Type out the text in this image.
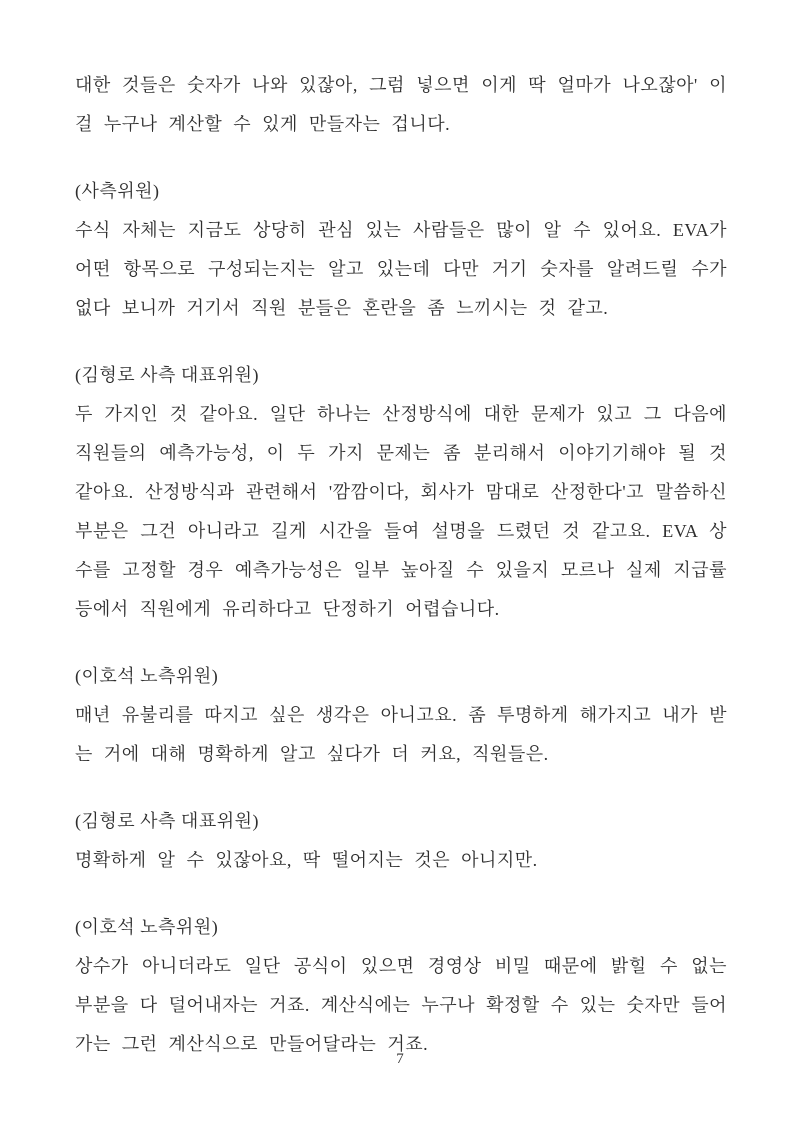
대한 것들은 숫자가 나와 있잖아, 그럼 넣으면 이게 딱 얼마가 나오잖아' 이걸 누구나 계산할 수 있게 만들자는 겁니다.

(사측위원)

수식 자체는 지금도 상당히 관심 있는 사람들은 많이 알 수 있어요. EVA가 어떤 항목으로 구성되는지는 알고 있는데 다만 거기 숫자를 알려드릴 수가 없다 보니까 거기서 직원 분들은 혼란을 좀 느끼시는 것 같고.

(김형로 사측 대표위원)

두 가지인 것 같아요. 일단 하나는 산정방식에 대한 문제가 있고 그 다음에 직원들의 예측가능성, 이 두 가지 문제는 좀 분리해서 이야기기해야 될 것 같아요. 산정방식과 관련해서 '깜깜이다, 회사가 맘대로 산정한다'고 말씀하신 부분은 그건 아니라고 길게 시간을 들여 설명을 드렸던 것 같고요. EVA 상수를 고정할 경우 예측가능성은 일부 높아질 수 있을지 모르나 실제 지급률 등에서 직원에게 유리하다고 단정하기 어렵습니다.

(이호석 노측위원)

매년 유불리를 따지고 싶은 생각은 아니고요. 좀 투명하게 해가지고 내가 받는 거에 대해 명확하게 알고 싶다가 더 커요, 직원들은.

(김형로 사측 대표위원)

명확하게 알 수 있잖아요, 딱 떨어지는 것은 아니지만.

(이호석 노측위원)

상수가 아니더라도 일단 공식이 있으면 경영상 비밀 때문에 밝힐 수 없는 부분을 다 덜어내자는 거죠. 계산식에는 누구나 확정할 수 있는 숫자만 들어가는 그런 계산식으로 만들어달라는 거죠.

7
